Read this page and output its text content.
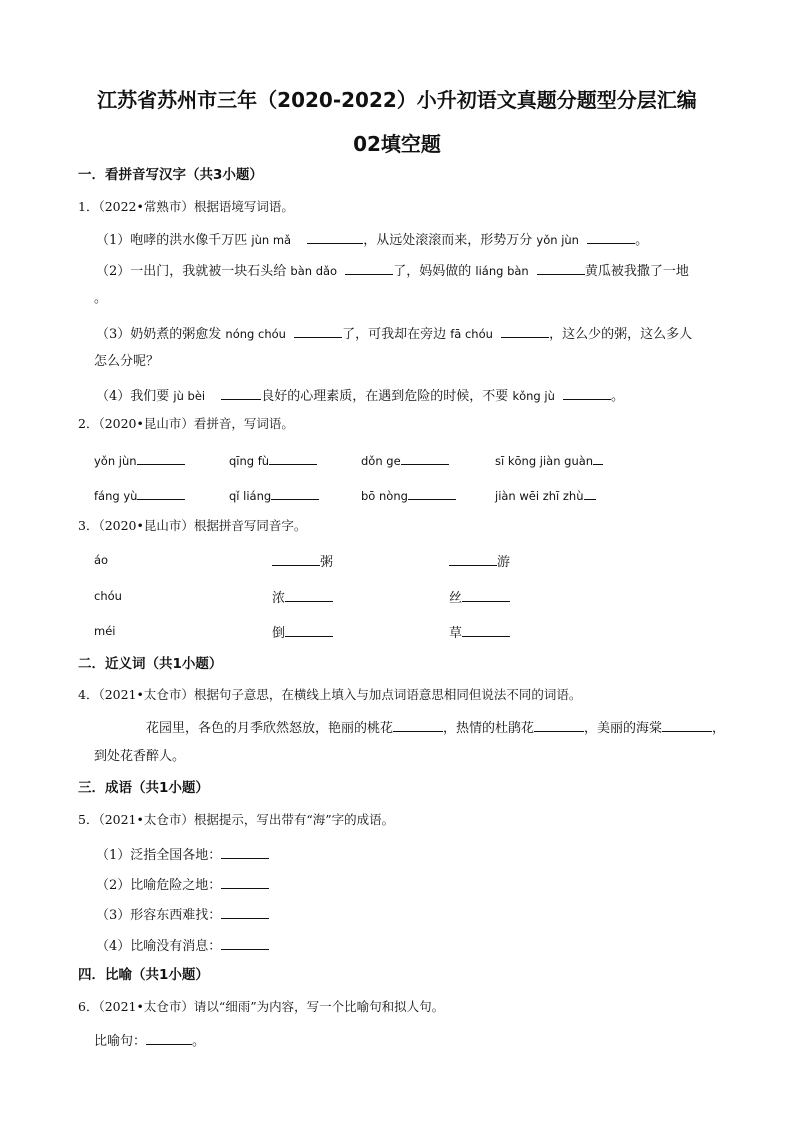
江苏省苏州市三年（2020-2022）小升初语文真题分题型分层汇编
02填空题
一．看拼音写汉字（共3小题）
1．（2022•常熟市）根据语境写词语。
（1）咆哮的洪水像千万匹 jùn mǎ	，从远处滚滚而来，形势万分 yǒn jùn	。
（2）一出门，我就被一块石头给 bàn dǎo	了，妈妈做的 liáng bàn	黄瓜被我撒了一地
。
（3）奶奶煮的粥愈发 nóng chóu	了，可我却在旁边 fā chóu	，这么少的粥，这么多人
怎么分呢？
（4）我们要 jù bèi	良好的心理素质，在遇到危险的时候，不要 kǒng jù	。
2．（2020•昆山市）看拼音，写词语。
yǒn jùn	qīng fù	dǒn ge	sī kōng jiàn guàn
fáng yù	qǐ liáng	bō nòng	jiàn wēi zhī zhù
3．（2020•昆山市）根据拼音写同音字。
áo	粥	游
chóu	浓	丝
méi	倒	草
二．近义词（共1小题）
4．（2021•太仓市）根据句子意思，在横线上填入与加点词语意思相同但说法不同的词语。
花园里，各色的月季欣然怒放，艳丽的桃花	，热情的杜鹃花	，美丽的海棠	，
到处花香醉人。
三．成语（共1小题）
5．（2021•太仓市）根据提示，写出带有“海”字的成语。
（1）泛指全国各地：
（2）比喻危险之地：
（3）形容东西难找：
（4）比喻没有消息：
四．比喻（共1小题）
6．（2021•太仓市）请以“细雨”为内容，写一个比喻句和拟人句。
比喻句：	。
